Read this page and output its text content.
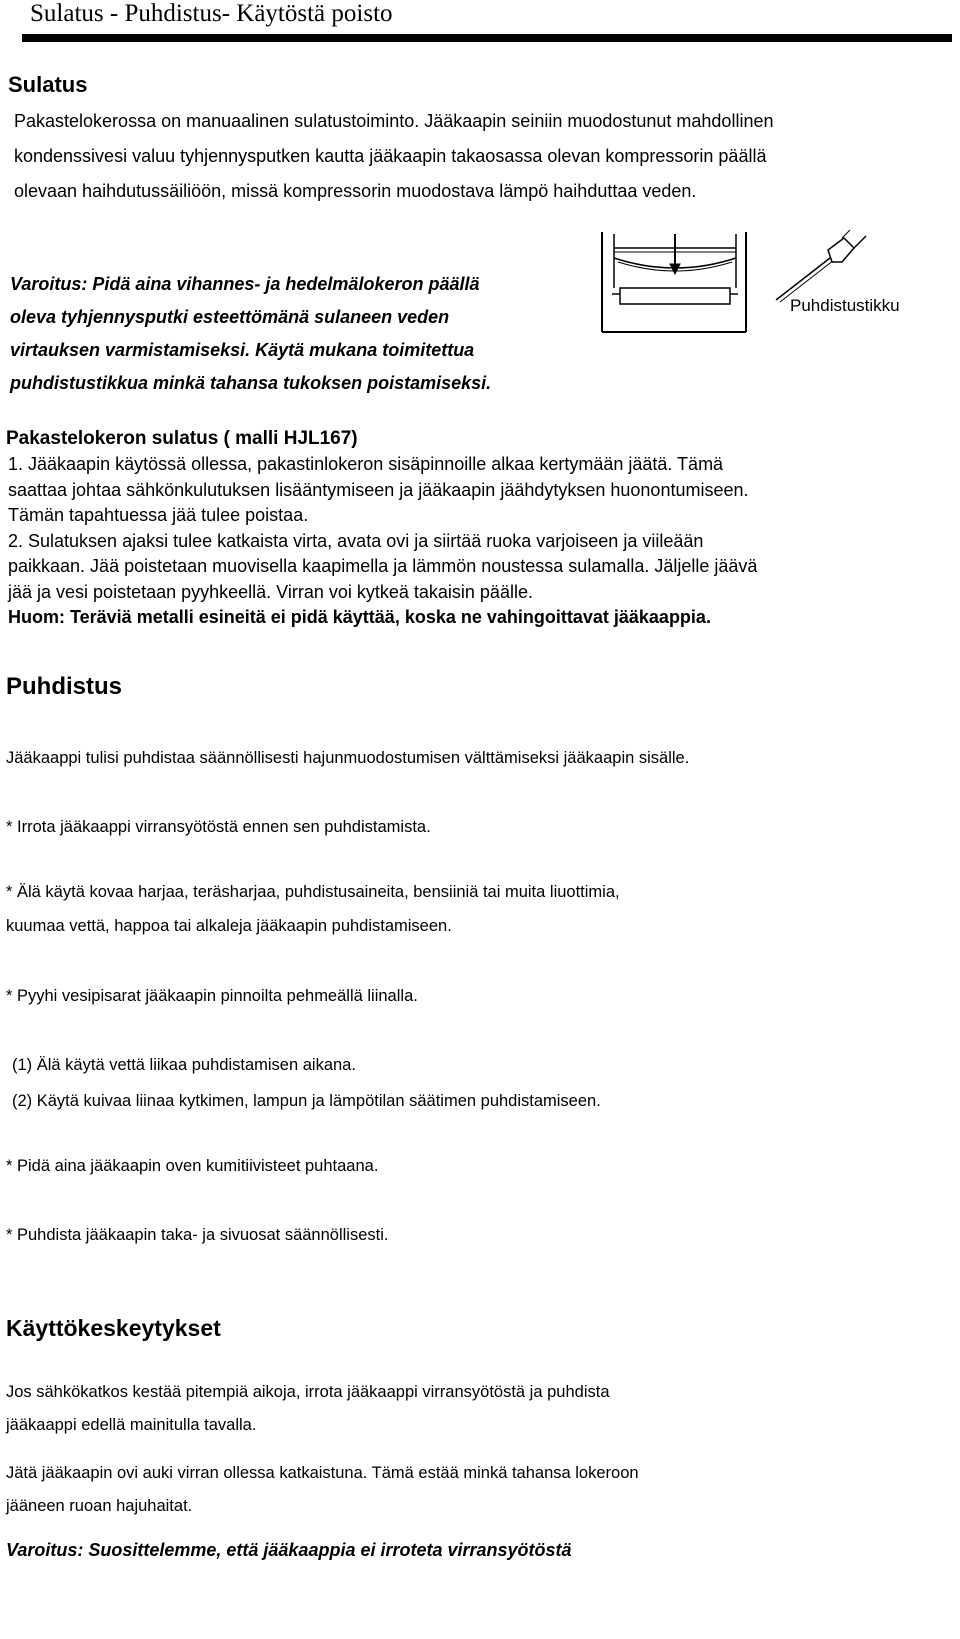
Sulatus - Puhdistus- Käytöstä poisto
Sulatus
Pakastelokerossa on manuaalinen sulatustoiminto. Jääkaapin seiniin muodostunut mahdollinen
kondenssivesi valuu tyhjennysputken kautta jääkaapin takaosassa olevan kompressorin päällä
olevaan haihdutussäiliöön, missä kompressorin muodostava lämpö haihduttaa veden.
Varoitus: Pidä aina vihannes- ja hedelmälokeron päällä
oleva tyhjennysputki esteettömänä sulaneen veden
virtauksen varmistamiseksi. Käytä mukana toimitettua
puhdistustikkua minkä tahansa tukoksen poistamiseksi.
Puhdistustikku
Pakastelokeron sulatus ( malli HJL167)
1. Jääkaapin käytössä ollessa, pakastinlokeron sisäpinnoille alkaa kertymään jäätä. Tämä
saattaa johtaa sähkönkulutuksen lisääntymiseen ja jääkaapin jäähdytyksen huonontumiseen.
Tämän tapahtuessa jää tulee poistaa.
2. Sulatuksen ajaksi tulee katkaista virta, avata ovi ja siirtää ruoka varjoiseen ja viileään
paikkaan. Jää poistetaan muovisella kaapimella ja lämmön noustessa sulamalla. Jäljelle jäävä
jää ja vesi poistetaan pyyhkeellä. Virran voi kytkeä takaisin päälle.
Huom: Teräviä metalli esineitä ei pidä käyttää, koska ne vahingoittavat jääkaappia.
Puhdistus
Jääkaappi tulisi puhdistaa säännöllisesti hajunmuodostumisen välttämiseksi jääkaapin sisälle.
* Irrota jääkaappi virransyötöstä ennen sen puhdistamista.
* Älä käytä kovaa harjaa, teräsharjaa, puhdistusaineita, bensiiniä tai muita liuottimia,
kuumaa vettä, happoa tai alkaleja jääkaapin puhdistamiseen.
* Pyyhi vesipisarat jääkaapin pinnoilta pehmeällä liinalla.
(1) Älä käytä vettä liikaa puhdistamisen aikana.
(2) Käytä kuivaa liinaa kytkimen, lampun ja lämpötilan säätimen puhdistamiseen.
* Pidä aina jääkaapin oven kumitiivisteet puhtaana.
* Puhdista jääkaapin taka- ja sivuosat säännöllisesti.
Käyttökeskeytykset
Jos sähkökatkos kestää pitempiä aikoja, irrota jääkaappi virransyötöstä ja puhdista
jääkaappi edellä mainitulla tavalla.
Jätä jääkaapin ovi auki virran ollessa katkaistuna. Tämä estää minkä tahansa lokeroon
jääneen ruoan hajuhaitat.
Varoitus: Suosittelemme, että jääkaappia ei irroteta virransyötöstä
